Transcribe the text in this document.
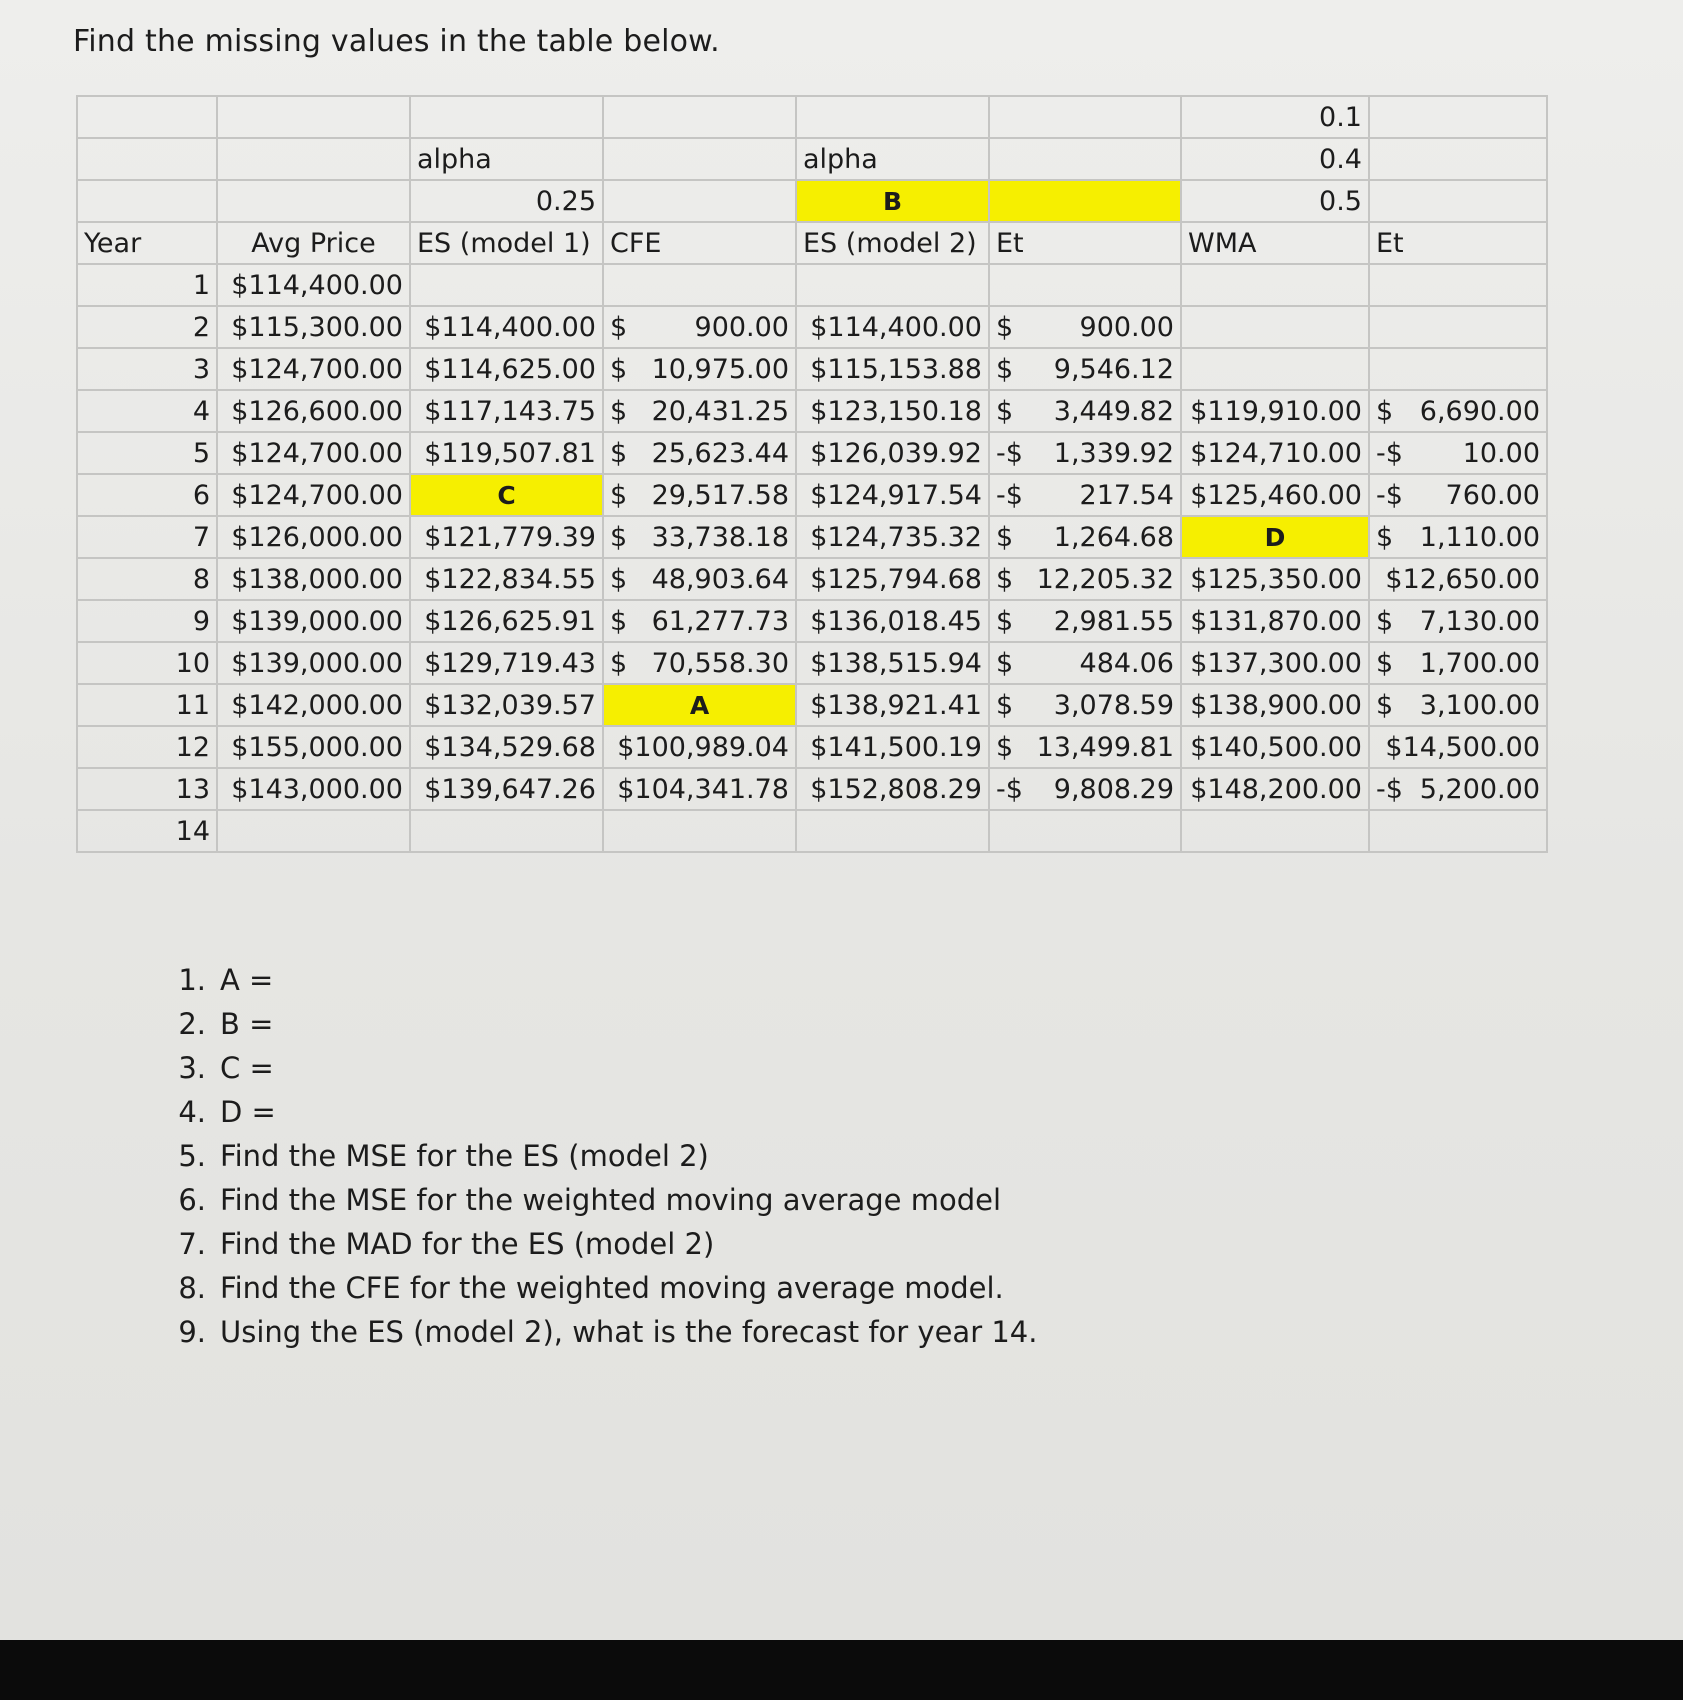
Find the missing values in the table below.
						0.1	
		alpha		alpha		0.4	
		0.25		B		0.5	
Year	Avg Price	ES (model 1)	CFE	ES (model 2)	Et	WMA	Et
1	$114,400.00		

2	$115,300.00	$114,400.00	$ 900.00	$114,400.00	$ 900.00		

3	$124,700.00	$114,625.00	$ 10,975.00	$115,153.88	$ 9,546.12		

4	$126,600.00	$117,143.75	$ 20,431.25	$123,150.18	$ 3,449.82	$119,910.00	$ 6,690.00

5	$124,700.00	$119,507.81	$ 25,623.44	$126,039.92	-$ 1,339.92	$124,710.00	-$ 10.00

6	$124,700.00	C	$ 29,517.58	$124,917.54	-$ 217.54	$125,460.00	-$ 760.00

7	$126,000.00	$121,779.39	$ 33,738.18	$124,735.32	$ 1,264.68	D	$ 1,110.00

8	$138,000.00	$122,834.55	$ 48,903.64	$125,794.68	$ 12,205.32	$125,350.00	$12,650.00

9	$139,000.00	$126,625.91	$ 61,277.73	$136,018.45	$ 2,981.55	$131,870.00	$ 7,130.00

10	$139,000.00	$129,719.43	$ 70,558.30	$138,515.94	$ 484.06	$137,300.00	$ 1,700.00

11	$142,000.00	$132,039.57	A	$138,921.41	$ 3,078.59	$138,900.00	$ 3,100.00

12	$155,000.00	$134,529.68	$100,989.04	$141,500.19	$ 13,499.81	$140,500.00	$14,500.00

13	$143,000.00	$139,647.26	$104,341.78	$152,808.29	-$ 9,808.29	$148,200.00	-$ 5,200.00

14			

1. A =
2. B =
3. C =
4. D =
5. Find the MSE for the ES (model 2)
6. Find the MSE for the weighted moving average model
7. Find the MAD for the ES (model 2)
8. Find the CFE for the weighted moving average model.
9. Using the ES (model 2), what is the forecast for year 14.
